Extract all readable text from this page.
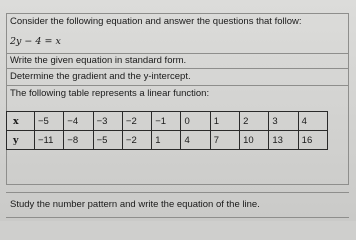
Consider the following equation and answer the questions that follow:
2y − 4 = x
Write the given equation in standard form.
Determine the gradient and the y-intercept.
The following table represents a linear function:
x	−5	−4	−3	−2	−1	0	1	2	3	4
y	−11	−8	−5	−2	1	4	7	10	13	16
Study the number pattern and write the equation of the line.
